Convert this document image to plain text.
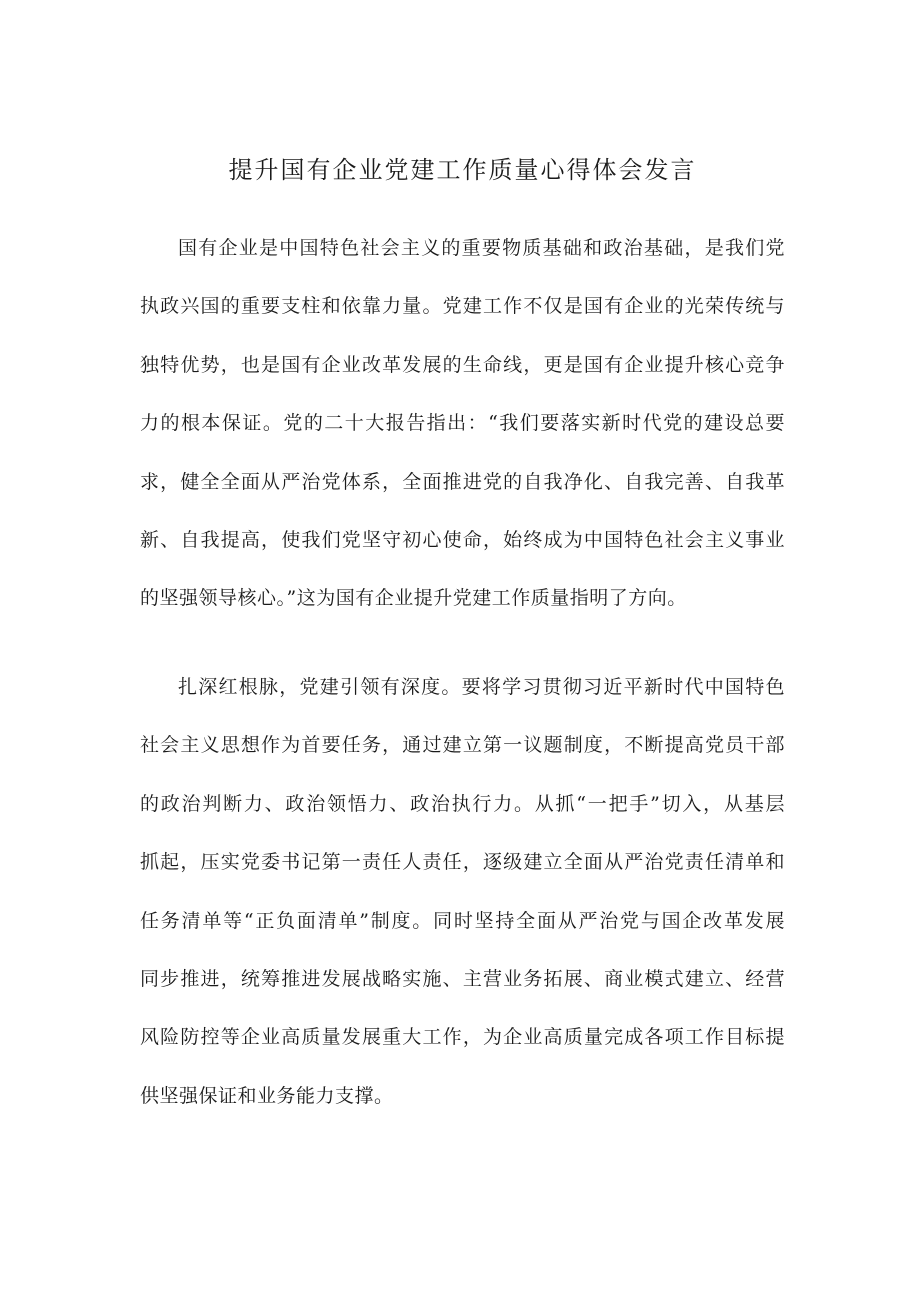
提升国有企业党建工作质量心得体会发言

国有企业是中国特色社会主义的重要物质基础和政治基础，是我们党
执政兴国的重要支柱和依靠力量。党建工作不仅是国有企业的光荣传统与
独特优势，也是国有企业改革发展的生命线，更是国有企业提升核心竞争
力的根本保证。党的二十大报告指出：“我们要落实新时代党的建设总要
求，健全全面从严治党体系，全面推进党的自我净化、自我完善、自我革
新、自我提高，使我们党坚守初心使命，始终成为中国特色社会主义事业
的坚强领导核心。”这为国有企业提升党建工作质量指明了方向。

扎深红根脉，党建引领有深度。要将学习贯彻习近平新时代中国特色
社会主义思想作为首要任务，通过建立第一议题制度，不断提高党员干部
的政治判断力、政治领悟力、政治执行力。从抓“一把手”切入，从基层
抓起，压实党委书记第一责任人责任，逐级建立全面从严治党责任清单和
任务清单等“正负面清单”制度。同时坚持全面从严治党与国企改革发展
同步推进，统筹推进发展战略实施、主营业务拓展、商业模式建立、经营
风险防控等企业高质量发展重大工作，为企业高质量完成各项工作目标提
供坚强保证和业务能力支撑。
